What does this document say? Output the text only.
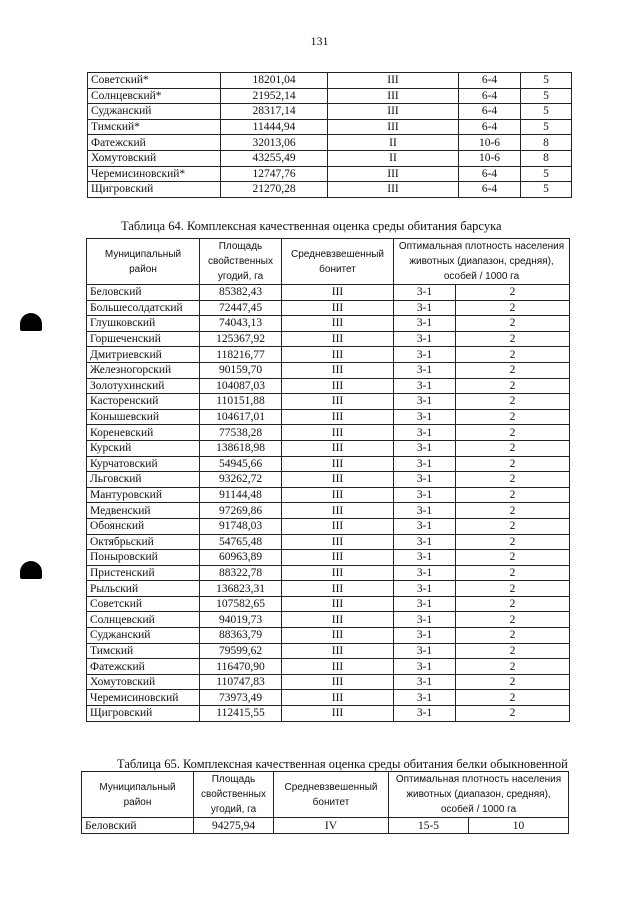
131
Советский*	18201,04	III	6-4	5
Солнцевский*	21952,14	III	6-4	5
Суджанский	28317,14	III	6-4	5
Тимский*	11444,94	III	6-4	5
Фатежский	32013,06	II	10-6	8
Хомутовский	43255,49	II	10-6	8
Черемисиновский*	12747,76	III	6-4	5
Щигровский	21270,28	III	6-4	5
Таблица 64. Комплексная качественная оценка среды обитания барсука
Муниципальный район	Площадь свойственных угодий, га	Средневзвешенный бонитет	Оптимальная плотность населения животных (диапазон, средняя), особей / 1000 га	
Беловский	85382,43	III	3-1	2
Большесолдатский	72447,45	III	3-1	2
Глушковский	74043,13	III	3-1	2
Горшеченский	125367,92	III	3-1	2
Дмитриевский	118216,77	III	3-1	2
Железногорский	90159,70	III	3-1	2
Золотухинский	104087,03	III	3-1	2
Касторенский	110151,88	III	3-1	2
Конышевский	104617,01	III	3-1	2
Кореневский	77538,28	III	3-1	2
Курский	138618,98	III	3-1	2
Курчатовский	54945,66	III	3-1	2
Льговский	93262,72	III	3-1	2
Мантуровский	91144,48	III	3-1	2
Медвенский	97269,86	III	3-1	2
Обоянский	91748,03	III	3-1	2
Октябрьский	54765,48	III	3-1	2
Поныровский	60963,89	III	3-1	2
Пристенский	88322,78	III	3-1	2
Рыльский	136823,31	III	3-1	2
Советский	107582,65	III	3-1	2
Солнцевский	94019,73	III	3-1	2
Суджанский	88363,79	III	3-1	2
Тимский	79599,62	III	3-1	2
Фатежский	116470,90	III	3-1	2
Хомутовский	110747,83	III	3-1	2
Черемисиновский	73973,49	III	3-1	2
Щигровский	112415,55	III	3-1	2
Таблица 65. Комплексная качественная оценка среды обитания белки обыкновенной
Муниципальный район	Площадь свойственных угодий, га	Средневзвешенный бонитет	Оптимальная плотность населения животных (диапазон, средняя), особей / 1000 га	
Беловский	94275,94	IV	15-5	10
